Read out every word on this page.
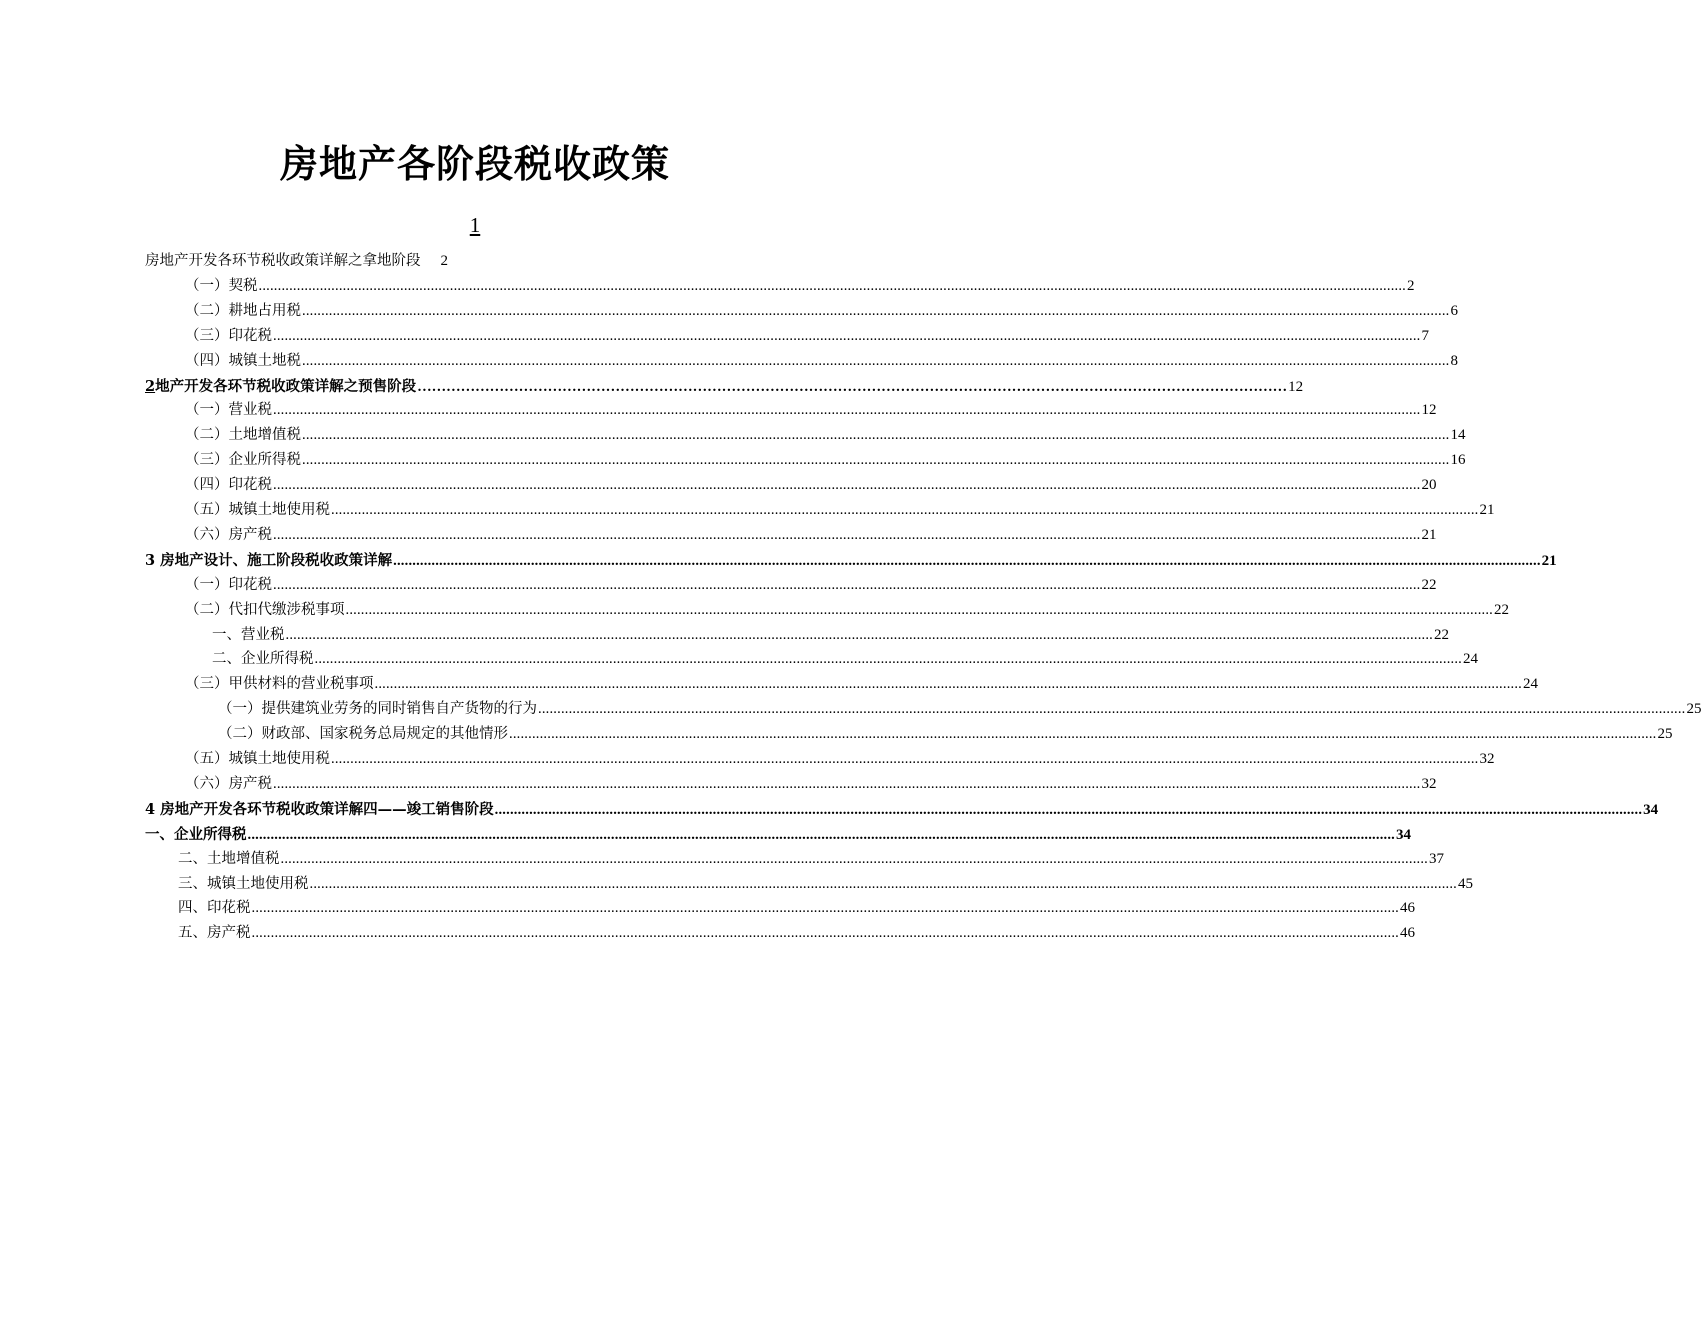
房地产各阶段税收政策
1
房地产开发各环节税收政策详解之拿地阶段 2
（一）契税 ............................................................................................................................................................................................................................................................................................................ 2
（二）耕地占用税 ............................................................................................................................................................................................................................................................................................................ 6
（三）印花税 ............................................................................................................................................................................................................................................................................................................ 7
（四）城镇土地税 ............................................................................................................................................................................................................................................................................................................ 8
2地产开发各环节税收政策详解之预售阶段 ……………………………………………………………………………………………………………………………………………………………… 12
（一）营业税 ............................................................................................................................................................................................................................................................................................................ 12
（二）土地增值税 ............................................................................................................................................................................................................................................................................................................ 14
（三）企业所得税 ............................................................................................................................................................................................................................................................................................................ 16
（四）印花税 ............................................................................................................................................................................................................................................................................................................ 20
（五）城镇土地使用税 ............................................................................................................................................................................................................................................................................................................ 21
（六）房产税 ............................................................................................................................................................................................................................................................................................................ 21
3 房地产设计、施工阶段税收政策详解 ............................................................................................................................................................................................................................................................................................................ 21
（一）印花税 ............................................................................................................................................................................................................................................................................................................ 22
（二）代扣代缴涉税事项 ............................................................................................................................................................................................................................................................................................................ 22
一、营业税 ............................................................................................................................................................................................................................................................................................................ 22
二、企业所得税 ............................................................................................................................................................................................................................................................................................................ 24
（三）甲供材料的营业税事项 ............................................................................................................................................................................................................................................................................................................ 24
（一）提供建筑业劳务的同时销售自产货物的行为 ............................................................................................................................................................................................................................................................................................................ 25
（二）财政部、国家税务总局规定的其他情形 ............................................................................................................................................................................................................................................................................................................ 25
（五）城镇土地使用税 ............................................................................................................................................................................................................................................................................................................ 32
（六）房产税 ............................................................................................................................................................................................................................................................................................................ 32
4 房地产开发各环节税收政策详解四——竣工销售阶段 ............................................................................................................................................................................................................................................................................................................ 34
一、企业所得税 ............................................................................................................................................................................................................................................................................................................ 34
二、土地增值税 ............................................................................................................................................................................................................................................................................................................ 37
三、城镇土地使用税 ............................................................................................................................................................................................................................................................................................................ 45
四、印花税 ............................................................................................................................................................................................................................................................................................................ 46
五、房产税 ............................................................................................................................................................................................................................................................................................................ 46
